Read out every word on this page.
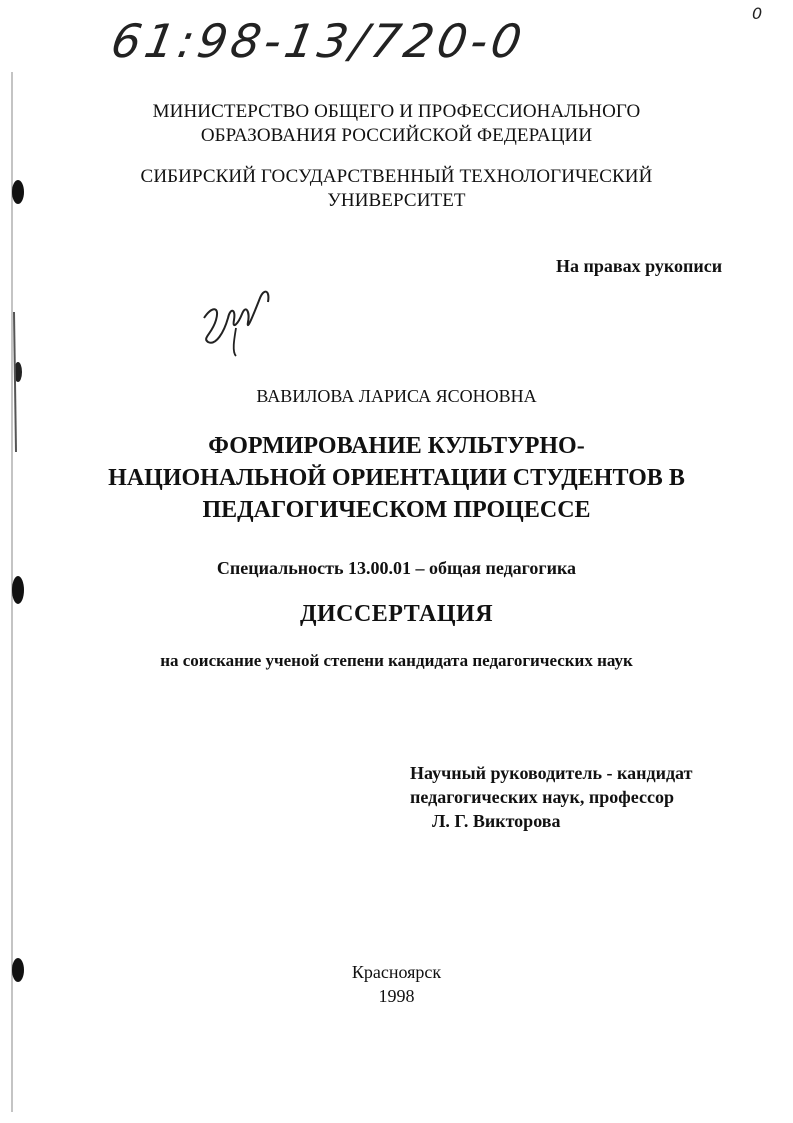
61:98-13/720-0
0
МИНИСТЕРСТВО ОБЩЕГО И ПРОФЕССИОНАЛЬНОГО
ОБРАЗОВАНИЯ РОССИЙСКОЙ ФЕДЕРАЦИИ
СИБИРСКИЙ ГОСУДАРСТВЕННЫЙ ТЕХНОЛОГИЧЕСКИЙ
УНИВЕРСИТЕТ
На правах рукописи
ВАВИЛОВА ЛАРИСА ЯСОНОВНА
ФОРМИРОВАНИЕ КУЛЬТУРНО-
НАЦИОНАЛЬНОЙ ОРИЕНТАЦИИ СТУДЕНТОВ В
ПЕДАГОГИЧЕСКОМ ПРОЦЕССЕ
Специальность 13.00.01 – общая педагогика
ДИССЕРТАЦИЯ
на соискание ученой степени кандидата педагогических наук
Научный руководитель - кандидат
педагогических наук, профессор
Л. Г. Викторова
Красноярск
1998
